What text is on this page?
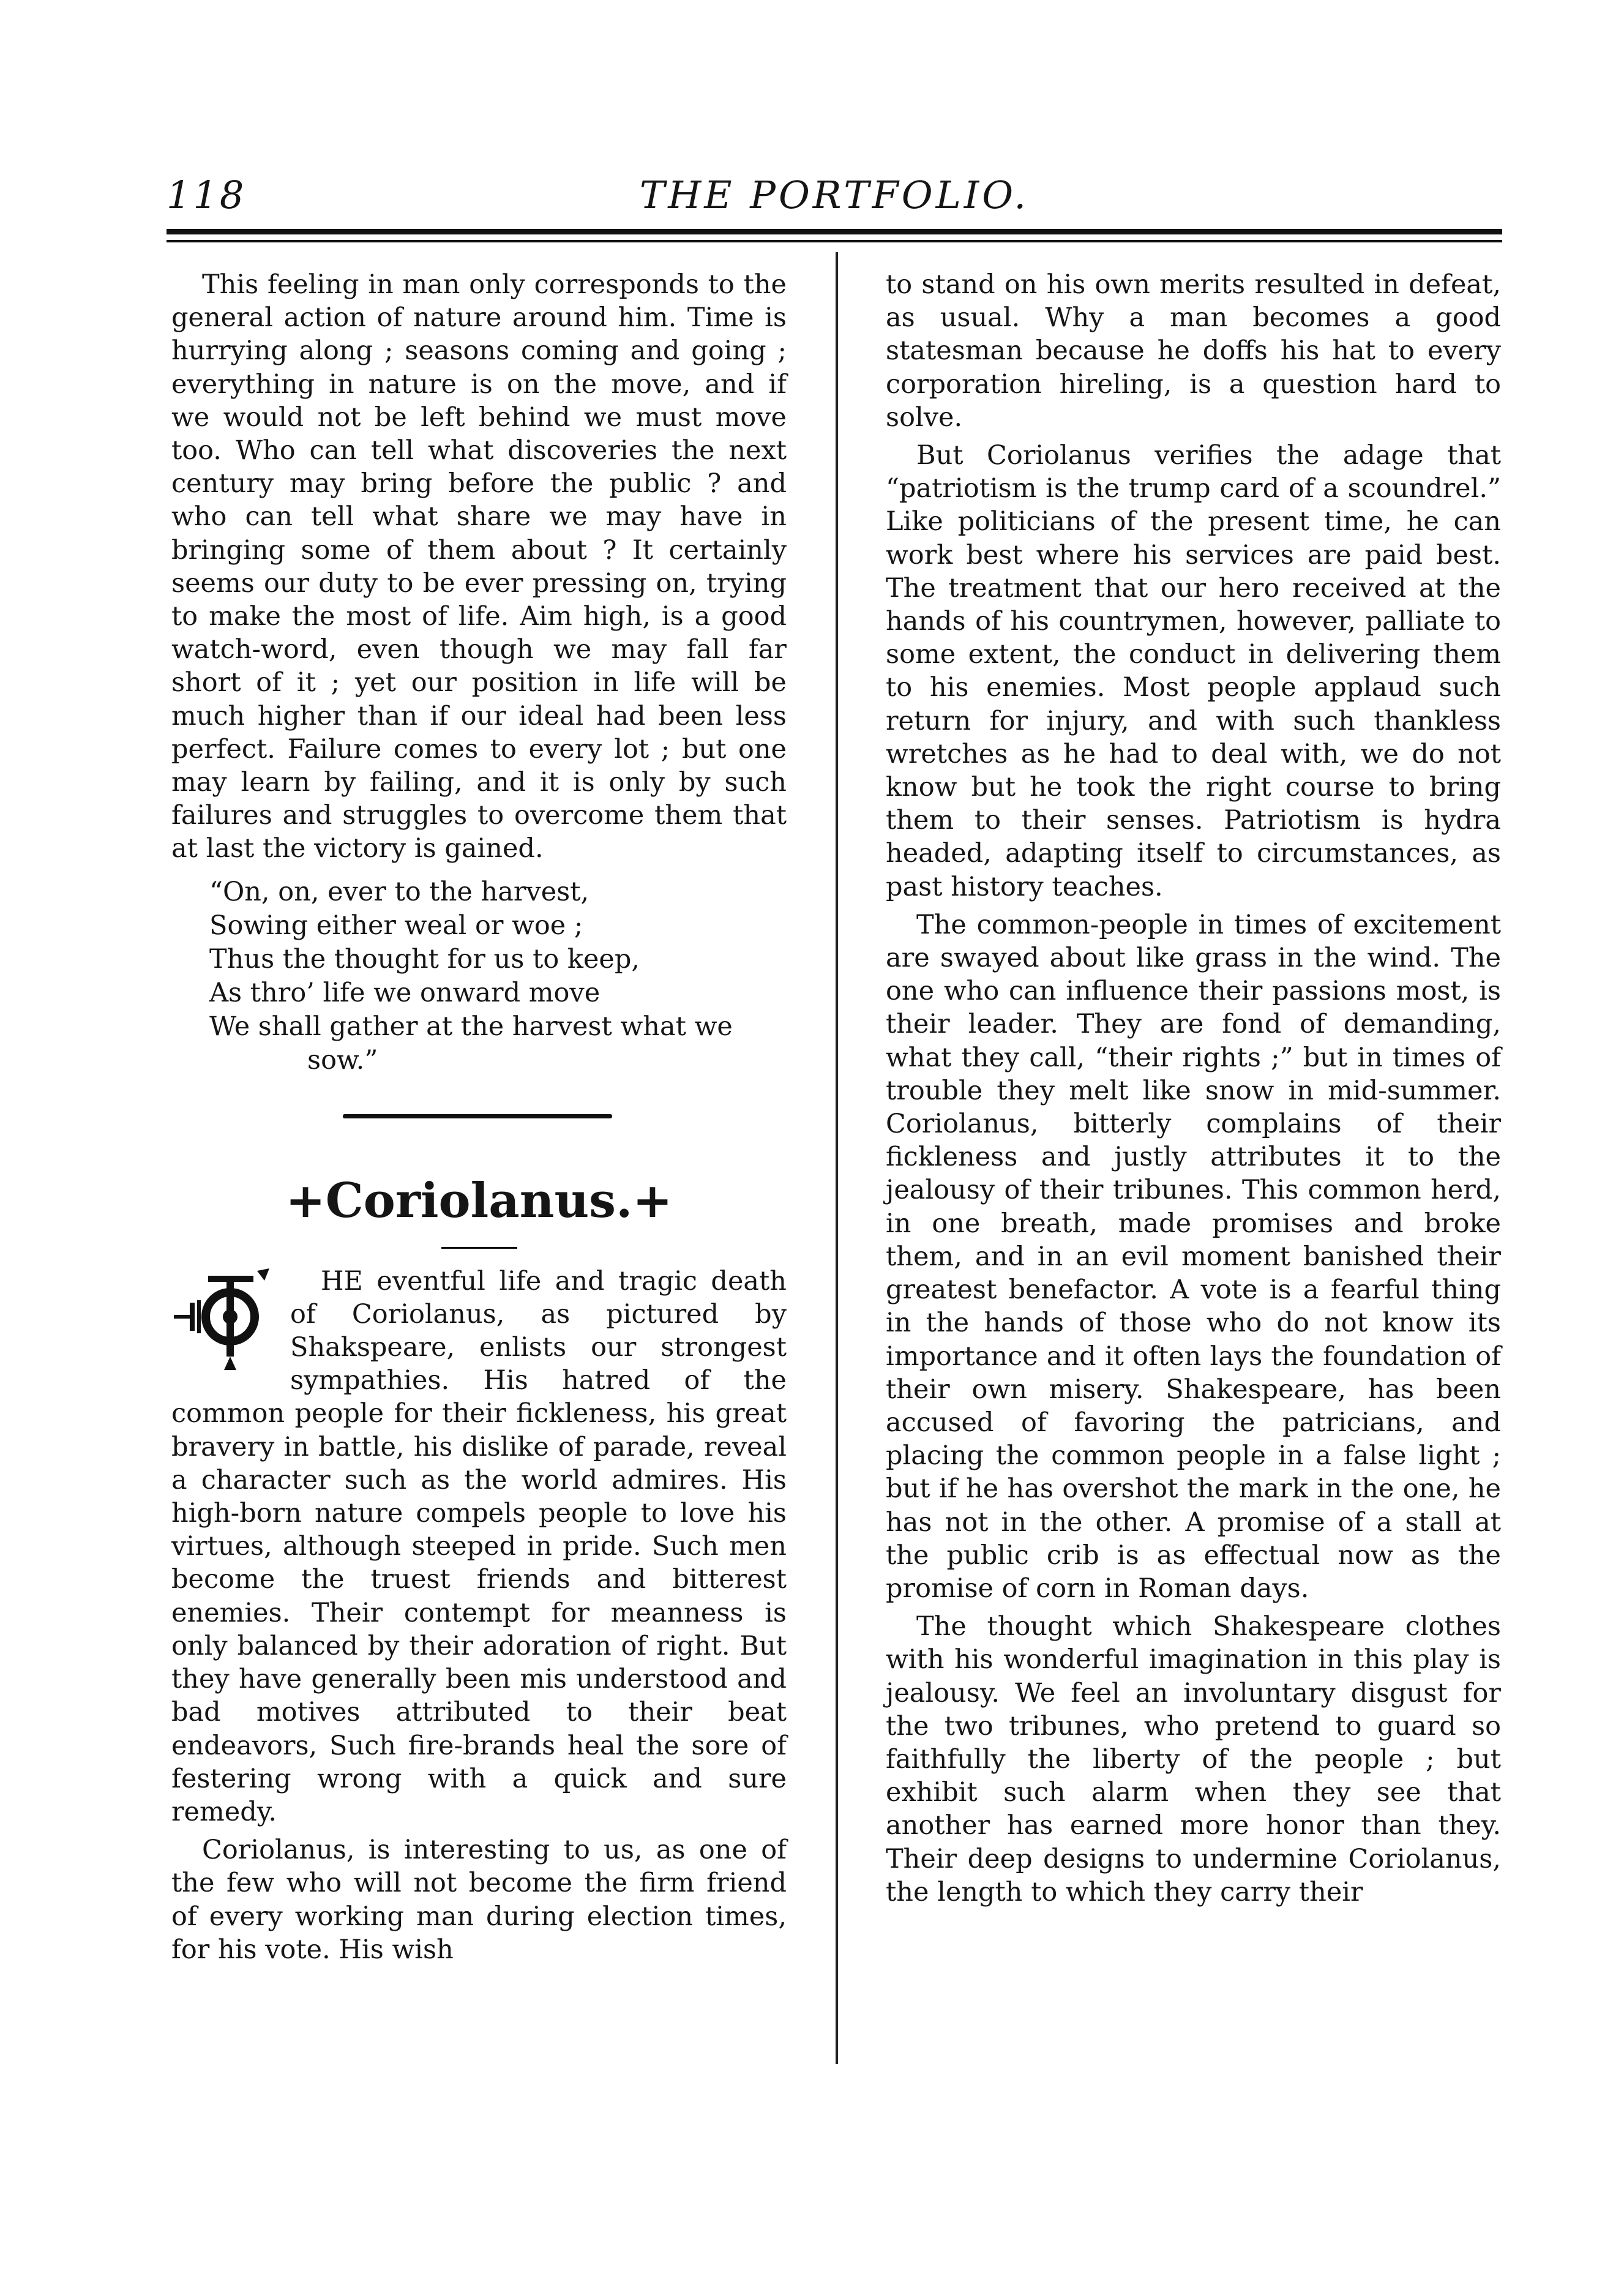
118	THE PORTFOLIO.

This feeling in man only corresponds to the general action of nature around him. Time is hurrying along ; seasons coming and going ; everything in nature is on the move, and if we would not be left behind we must move too. Who can tell what discoveries the next century may bring before the public ? and who can tell what share we may have in bringing some of them about ? It certainly seems our duty to be ever pressing on, trying to make the most of life. Aim high, is a good watch-word, even though we may fall far short of it ; yet our position in life will be much higher than if our ideal had been less perfect. Failure comes to every lot ; but one may learn by failing, and it is only by such failures and struggles to overcome them that at last the victory is gained.

“On, on, ever to the harvest,
Sowing either weal or woe ;
Thus the thought for us to keep,
As thro’ life we onward move
We shall gather at the harvest what we
sow.”
+Coriolanus.+

HE eventful life and tragic death of Coriolanus, as pictured by Shakspeare, enlists our strongest sympathies. His hatred of the common people for their fickleness, his great bravery in battle, his dislike of parade, reveal a character such as the world admires. His high-born nature compels people to love his virtues, although steeped in pride. Such men become the truest friends and bitterest enemies. Their contempt for meanness is only balanced by their adoration of right. But they have generally been mis understood and bad motives attributed to their beat endeavors, Such fire-brands heal the sore of festering wrong with a quick and sure remedy.

Coriolanus, is interesting to us, as one of the few who will not become the firm friend of every working man during election times, for his vote. His wish

to stand on his own merits resulted in defeat, as usual. Why a man becomes a good statesman because he doffs his hat to every corporation hireling, is a question hard to solve.

But Coriolanus verifies the adage that “patriotism is the trump card of a scoundrel.” Like politicians of the present time, he can work best where his services are paid best. The treatment that our hero received at the hands of his countrymen, however, palliate to some extent, the conduct in delivering them to his enemies. Most people applaud such return for injury, and with such thankless wretches as he had to deal with, we do not know but he took the right course to bring them to their senses. Patriotism is hydra headed, adapting itself to circumstances, as past history teaches.

The common-people in times of excitement are swayed about like grass in the wind. The one who can influence their passions most, is their leader. They are fond of demanding, what they call, “their rights ;” but in times of trouble they melt like snow in mid-summer. Coriolanus, bitterly complains of their fickleness and justly attributes it to the jealousy of their tribunes. This common herd, in one breath, made promises and broke them, and in an evil moment banished their greatest benefactor. A vote is a fearful thing in the hands of those who do not know its importance and it often lays the foundation of their own misery. Shakespeare, has been accused of favoring the patricians, and placing the common people in a false light ; but if he has overshot the mark in the one, he has not in the other. A promise of a stall at the public crib is as effectual now as the promise of corn in Roman days.

The thought which Shakespeare clothes with his wonderful imagination in this play is jealousy. We feel an involuntary disgust for the two tribunes, who pretend to guard so faithfully the liberty of the people ; but exhibit such alarm when they see that another has earned more honor than they. Their deep designs to undermine Coriolanus, the length to which they carry their
